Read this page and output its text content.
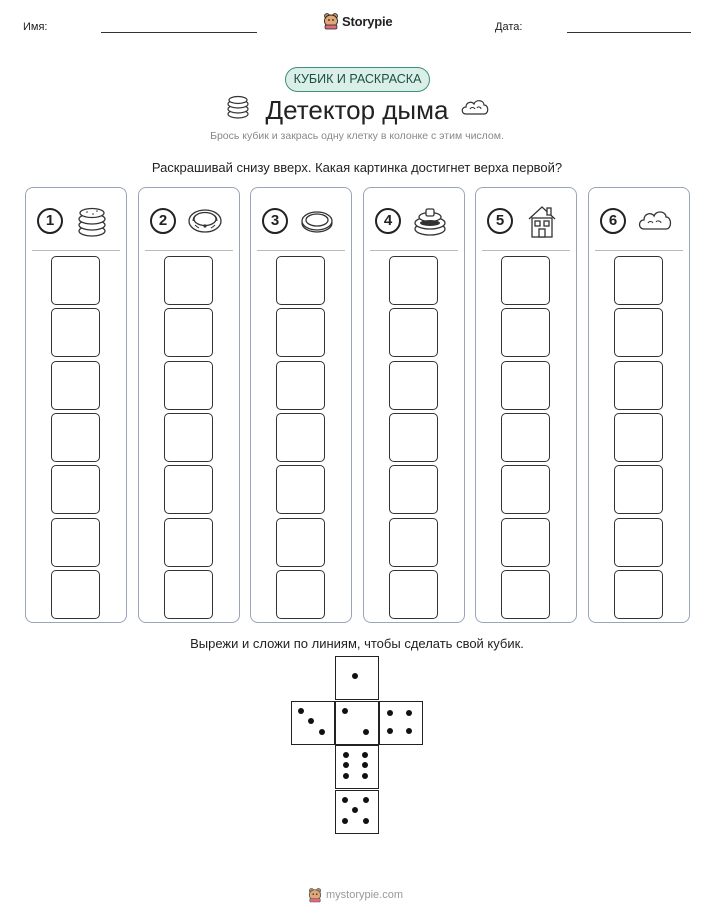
Имя:	Дата:
Storypie
КУБИК И РАСКРАСКА
Детектор дыма
Брось кубик и закрась одну клетку в колонке с этим числом.
Раскрашивай снизу вверх. Какая картинка достигнет верха первой?
1	2	3	4	5	6
Вырежи и сложи по линиям, чтобы сделать свой кубик.
mystorypie.com
